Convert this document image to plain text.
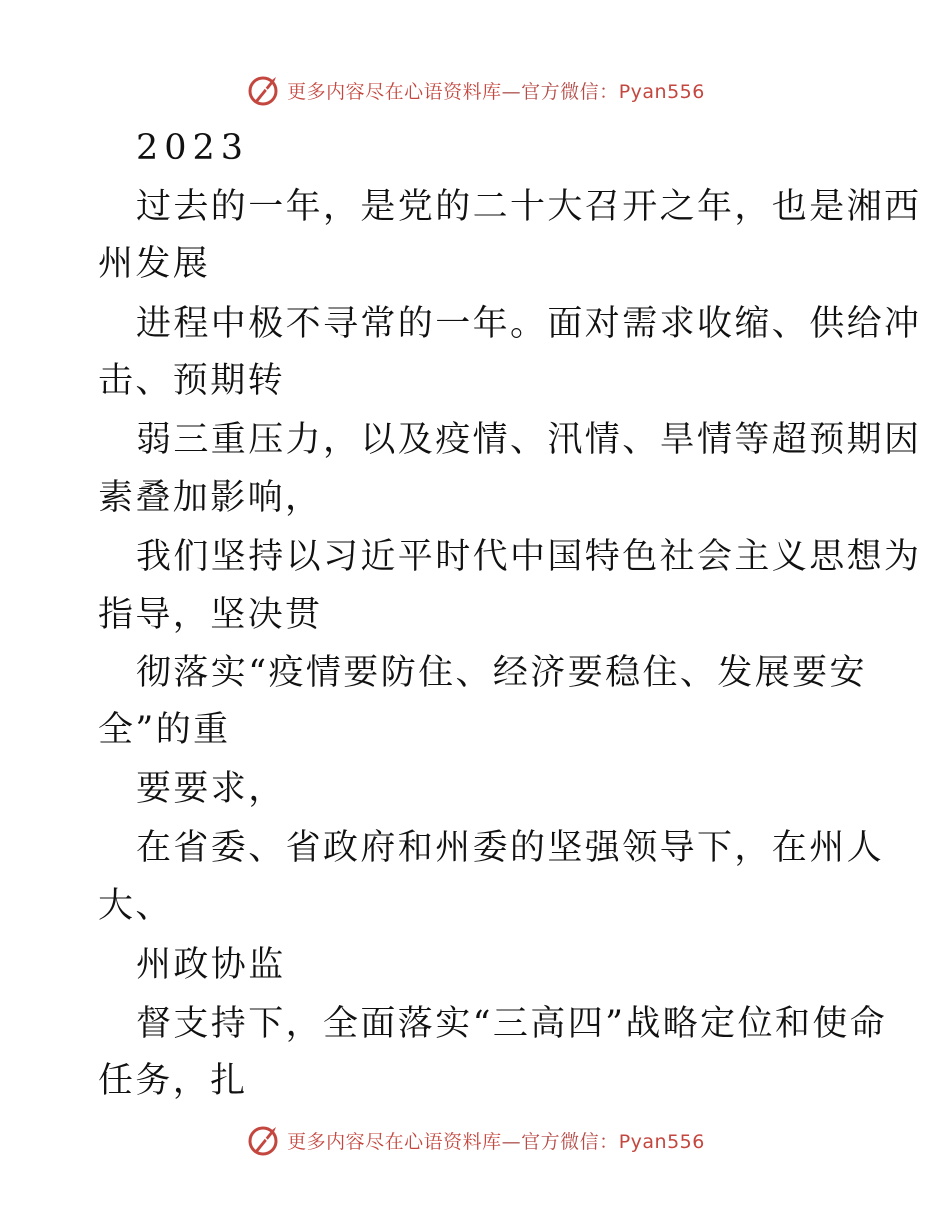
更多内容尽在心语资料库—官方微信：Pyan556
2023
过去的一年，是党的二十大召开之年，也是湘西
州发展
进程中极不寻常的一年。面对需求收缩、供给冲
击、预期转
弱三重压力，以及疫情、汛情、旱情等超预期因
素叠加影响，
我们坚持以习近平时代中国特色社会主义思想为
指导，坚决贯
彻落实“疫情要防住、经济要稳住、发展要安
全”的重
要要求，
在省委、省政府和州委的坚强领导下，在州人
大、
州政协监
督支持下，全面落实“三高四”战略定位和使命
任务，扎
更多内容尽在心语资料库—官方微信：Pyan556
